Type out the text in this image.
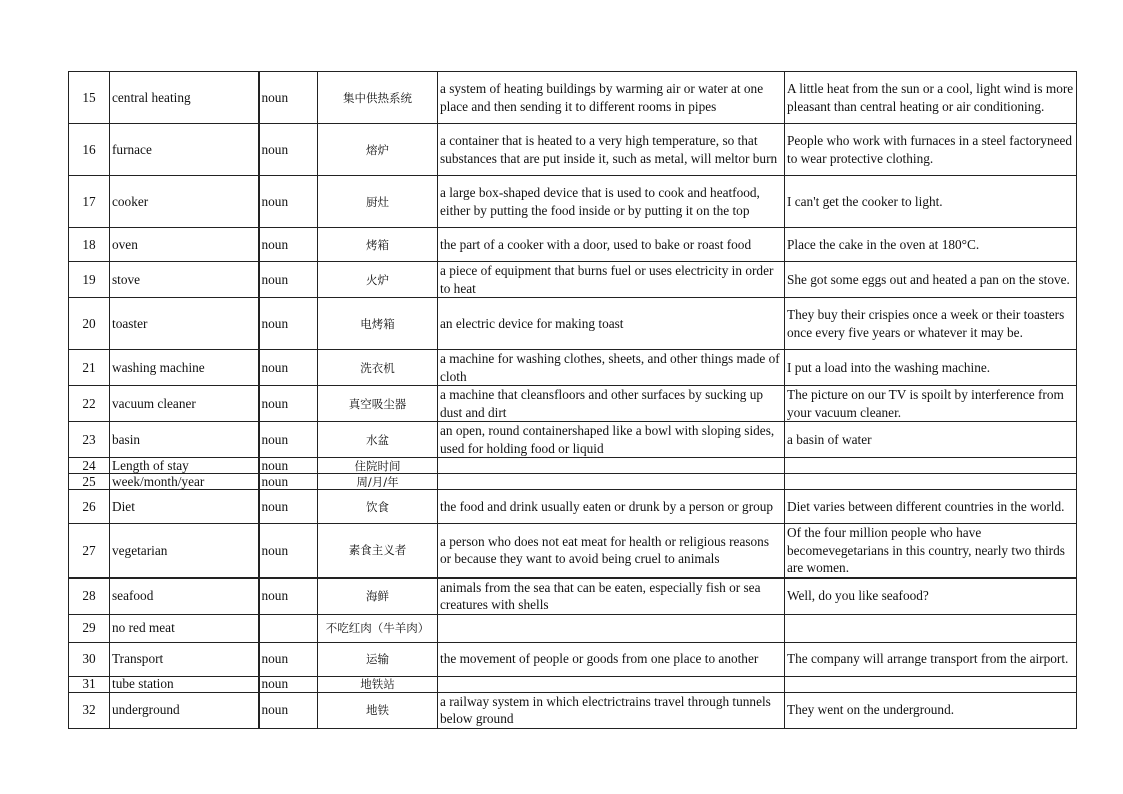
15	central heating	noun	集中供热系统	a system of heating buildings by warming air or water at one place and then sending it to different rooms in pipes	A little heat from the sun or a cool, light wind is more pleasant than central heating or air conditioning.
16	furnace	noun	熔炉	a container that is heated to a very high temperature, so that substances that are put inside it, such as metal, will meltor burn	People who work with furnaces in a steel factoryneed to wear protective clothing.
17	cooker	noun	厨灶	a large box-shaped device that is used to cook and heatfood, either by putting the food inside or by putting it on the top	I can't get the cooker to light.
18	oven	noun	烤箱	the part of a cooker with a door, used to bake or roast food	Place the cake in the oven at 180°C.
19	stove	noun	火炉	a piece of equipment that burns fuel or uses electricity in order to heat	She got some eggs out and heated a pan on the stove.
20	toaster	noun	电烤箱	an electric device for making toast	They buy their crispies once a week or their toasters once every five years or whatever it may be.
21	washing machine	noun	洗衣机	a machine for washing clothes, sheets, and other things made of cloth	I put a load into the washing machine.
22	vacuum cleaner	noun	真空吸尘器	a machine that cleansfloors and other surfaces by sucking up dust and dirt	The picture on our TV is spoilt by interference from your vacuum cleaner.
23	basin	noun	水盆	an open, round containershaped like a bowl with sloping sides, used for holding food or liquid	a basin of water
24	Length of stay	noun	住院时间		
25	week/month/year	noun	周/月/年		
26	Diet	noun	饮食	the food and drink usually eaten or drunk by a person or group	Diet varies between different countries in the world.
27	vegetarian	noun	素食主义者	a person who does not eat meat for health or religious reasons or because they want to avoid being cruel to animals	Of the four million people who have becomevegetarians in this country, nearly two thirds are women.
28	seafood	noun	海鲜	animals from the sea that can be eaten, especially fish or sea creatures with shells	Well, do you like seafood?
29	no red meat		不吃红肉（牛羊肉）		
30	Transport	noun	运输	the movement of people or goods from one place to another	The company will arrange transport from the airport.
31	tube station	noun	地铁站		
32	underground	noun	地铁	a railway system in which electrictrains travel through tunnels below ground	They went on the underground.
